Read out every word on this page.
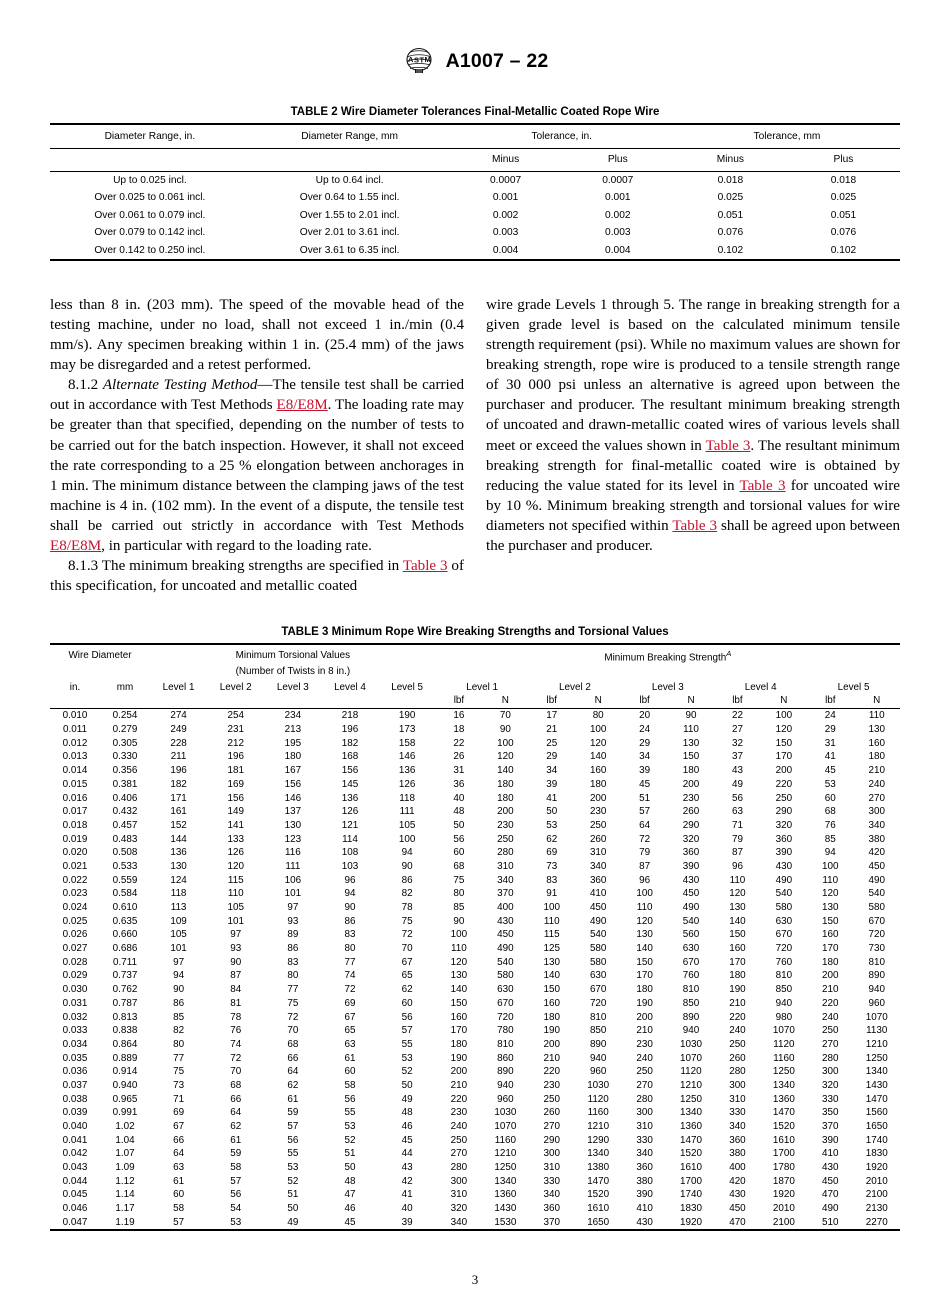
A S T M A1007 – 22
TABLE 2 Wire Diameter Tolerances Final-Metallic Coated Rope Wire
Diameter Range, in.	Diameter Range, mm	Tolerance, in.		Tolerance, mm	
		Minus	Plus	Minus	Plus
Up to 0.025 incl.	Up to 0.64 incl.	0.0007	0.0007	0.018	0.018
Over 0.025 to 0.061 incl.	Over 0.64 to 1.55 incl.	0.001	0.001	0.025	0.025
Over 0.061 to 0.079 incl.	Over 1.55 to 2.01 incl.	0.002	0.002	0.051	0.051
Over 0.079 to 0.142 incl.	Over 2.01 to 3.61 incl.	0.003	0.003	0.076	0.076
Over 0.142 to 0.250 incl.	Over 3.61 to 6.35 incl.	0.004	0.004	0.102	0.102

less than 8 in. (203 mm). The speed of the movable head of the testing machine, under no load, shall not exceed 1 in./min (0.4 mm/s). Any specimen breaking within 1 in. (25.4 mm) of the jaws may be disregarded and a retest performed.

8.1.2 Alternate Testing Method—The tensile test shall be carried out in accordance with Test Methods E8/E8M. The loading rate may be greater than that specified, depending on the number of tests to be carried out for the batch inspection. However, it shall not exceed the rate corresponding to a 25 % elongation between anchorages in 1 min. The minimum distance between the clamping jaws of the test machine is 4 in. (102 mm). In the event of a dispute, the tensile test shall be carried out strictly in accordance with Test Methods E8/E8M, in particular with regard to the loading rate.

8.1.3 The minimum breaking strengths are specified in Table 3 of this specification, for uncoated and metallic coated

wire grade Levels 1 through 5. The range in breaking strength for a given grade level is based on the calculated minimum tensile strength requirement (psi). While no maximum values are shown for breaking strength, rope wire is produced to a tensile strength range of 30 000 psi unless an alternative is agreed upon between the purchaser and producer. The resultant minimum breaking strength of uncoated and drawn-metallic coated wires of various levels shall meet or exceed the values shown in Table 3. The resultant minimum breaking strength for final-metallic coated wire is obtained by reducing the value stated for its level in Table 3 for uncoated wire by 10 %. Minimum breaking strength and torsional values for wire diameters not specified within Table 3 shall be agreed upon between the purchaser and producer.

TABLE 3 Minimum Rope Wire Breaking Strengths and Torsional Values
Wire Diameter		Minimum Torsional Values					Minimum Breaking Strength$^A$
		(Number of Twists in 8 in.)														
in.	mm	Level 1	Level 2	Level 3	Level 4	Level 5	Level 1		Level 2		Level 3		Level 4		Level 5	
							lbf	N	lbf	N	lbf	N	lbf	N	lbf	N
0.010	0.254	274	254	234	218	190	16	70	17	80	20	90	22	100	24	110
0.011	0.279	249	231	213	196	173	18	90	21	100	24	110	27	120	29	130
0.012	0.305	228	212	195	182	158	22	100	25	120	29	130	32	150	31	160
0.013	0.330	211	196	180	168	146	26	120	29	140	34	150	37	170	41	180
0.014	0.356	196	181	167	156	136	31	140	34	160	39	180	43	200	45	210
0.015	0.381	182	169	156	145	126	36	180	39	180	45	200	49	220	53	240
0.016	0.406	171	156	146	136	118	40	180	41	200	51	230	56	250	60	270
0.017	0.432	161	149	137	126	111	48	200	50	230	57	260	63	290	68	300
0.018	0.457	152	141	130	121	105	50	230	53	250	64	290	71	320	76	340
0.019	0.483	144	133	123	114	100	56	250	62	260	72	320	79	360	85	380
0.020	0.508	136	126	116	108	94	60	280	69	310	79	360	87	390	94	420
0.021	0.533	130	120	111	103	90	68	310	73	340	87	390	96	430	100	450
0.022	0.559	124	115	106	96	86	75	340	83	360	96	430	110	490	110	490
0.023	0.584	118	110	101	94	82	80	370	91	410	100	450	120	540	120	540
0.024	0.610	113	105	97	90	78	85	400	100	450	110	490	130	580	130	580
0.025	0.635	109	101	93	86	75	90	430	110	490	120	540	140	630	150	670
0.026	0.660	105	97	89	83	72	100	450	115	540	130	560	150	670	160	720
0.027	0.686	101	93	86	80	70	110	490	125	580	140	630	160	720	170	730
0.028	0.711	97	90	83	77	67	120	540	130	580	150	670	170	760	180	810
0.029	0.737	94	87	80	74	65	130	580	140	630	170	760	180	810	200	890
0.030	0.762	90	84	77	72	62	140	630	150	670	180	810	190	850	210	940
0.031	0.787	86	81	75	69	60	150	670	160	720	190	850	210	940	220	960
0.032	0.813	85	78	72	67	56	160	720	180	810	200	890	220	980	240	1070
0.033	0.838	82	76	70	65	57	170	780	190	850	210	940	240	1070	250	1130
0.034	0.864	80	74	68	63	55	180	810	200	890	230	1030	250	1120	270	1210
0.035	0.889	77	72	66	61	53	190	860	210	940	240	1070	260	1160	280	1250
0.036	0.914	75	70	64	60	52	200	890	220	960	250	1120	280	1250	300	1340
0.037	0.940	73	68	62	58	50	210	940	230	1030	270	1210	300	1340	320	1430
0.038	0.965	71	66	61	56	49	220	960	250	1120	280	1250	310	1360	330	1470
0.039	0.991	69	64	59	55	48	230	1030	260	1160	300	1340	330	1470	350	1560
0.040	1.02	67	62	57	53	46	240	1070	270	1210	310	1360	340	1520	370	1650
0.041	1.04	66	61	56	52	45	250	1160	290	1290	330	1470	360	1610	390	1740
0.042	1.07	64	59	55	51	44	270	1210	300	1340	340	1520	380	1700	410	1830
0.043	1.09	63	58	53	50	43	280	1250	310	1380	360	1610	400	1780	430	1920
0.044	1.12	61	57	52	48	42	300	1340	330	1470	380	1700	420	1870	450	2010
0.045	1.14	60	56	51	47	41	310	1360	340	1520	390	1740	430	1920	470	2100
0.046	1.17	58	54	50	46	40	320	1430	360	1610	410	1830	450	2010	490	2130
0.047	1.19	57	53	49	45	39	340	1530	370	1650	430	1920	470	2100	510	2270
3
